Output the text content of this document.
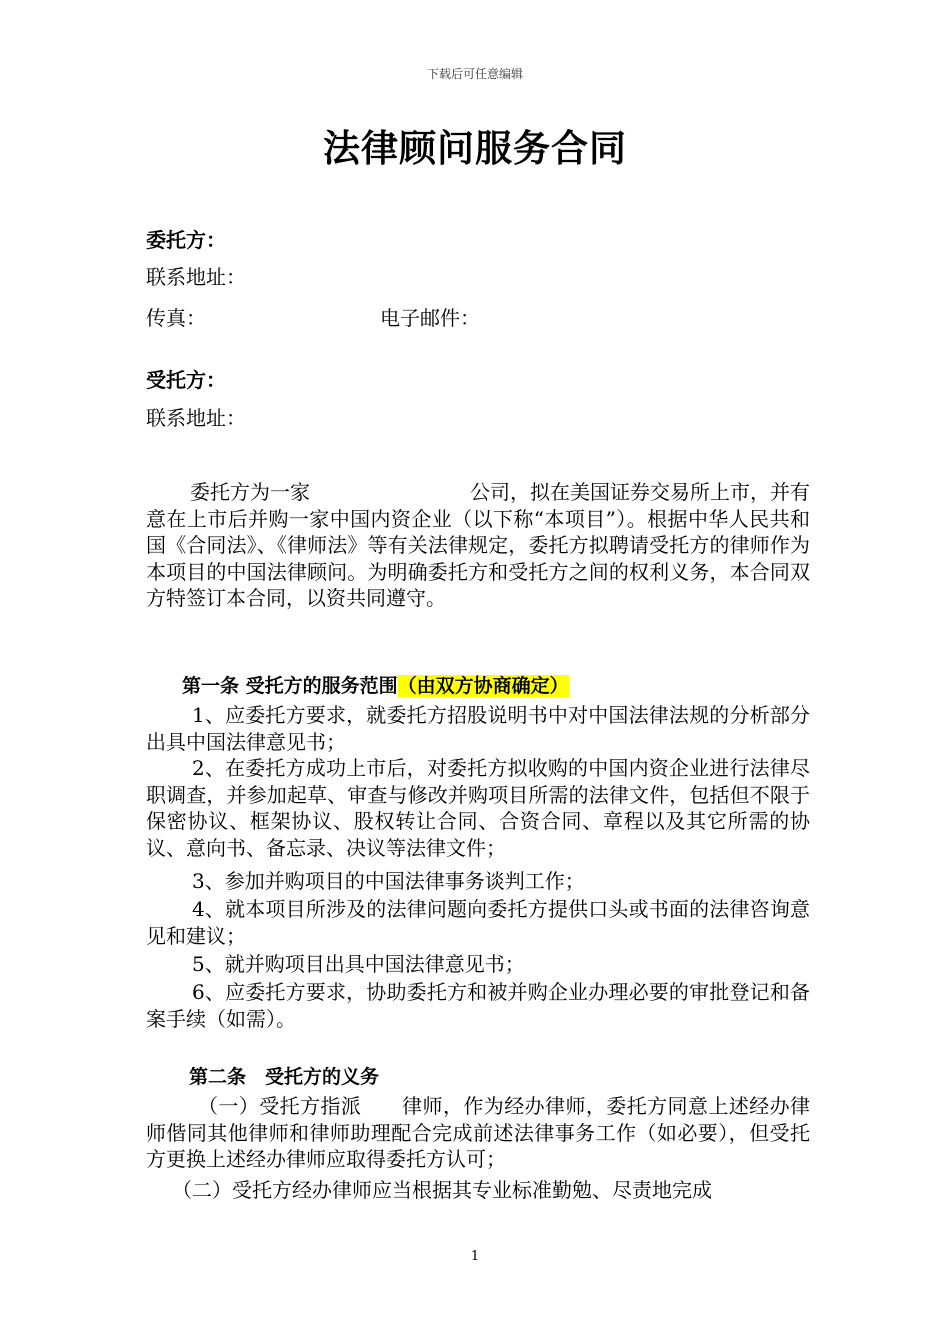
下载后可任意编辑
法律顾问服务合同
委托方：
联系地址：
传真：	电子邮件：
受托方：
联系地址：
委托方为一家　　　　　　　　公司，拟在美国证券交易所上市，并有意在上市后并购一家中国内资企业（以下称“本项目”）。根据中华人民共和国《合同法》、《律师法》等有关法律规定，委托方拟聘请受托方的律师作为本项目的中国法律顾问。为明确委托方和受托方之间的权利义务，本合同双方特签订本合同，以资共同遵守。
第一条 受托方的服务范围（由双方协商确定）
1、应委托方要求，就委托方招股说明书中对中国法律法规的分析部分出具中国法律意见书；
2、在委托方成功上市后，对委托方拟收购的中国内资企业进行法律尽职调查，并参加起草、审查与修改并购项目所需的法律文件，包括但不限于保密协议、框架协议、股权转让合同、合资合同、章程以及其它所需的协议、意向书、备忘录、决议等法律文件；
3、参加并购项目的中国法律事务谈判工作；
4、就本项目所涉及的法律问题向委托方提供口头或书面的法律咨询意见和建议；
5、就并购项目出具中国法律意见书；
6、应委托方要求，协助委托方和被并购企业办理必要的审批登记和备案手续（如需）。
第二条　受托方的义务
（一）受托方指派　　律师，作为经办律师，委托方同意上述经办律师偕同其他律师和律师助理配合完成前述法律事务工作（如必要），但受托方更换上述经办律师应取得委托方认可；
（二）受托方经办律师应当根据其专业标准勤勉、尽责地完成
1
